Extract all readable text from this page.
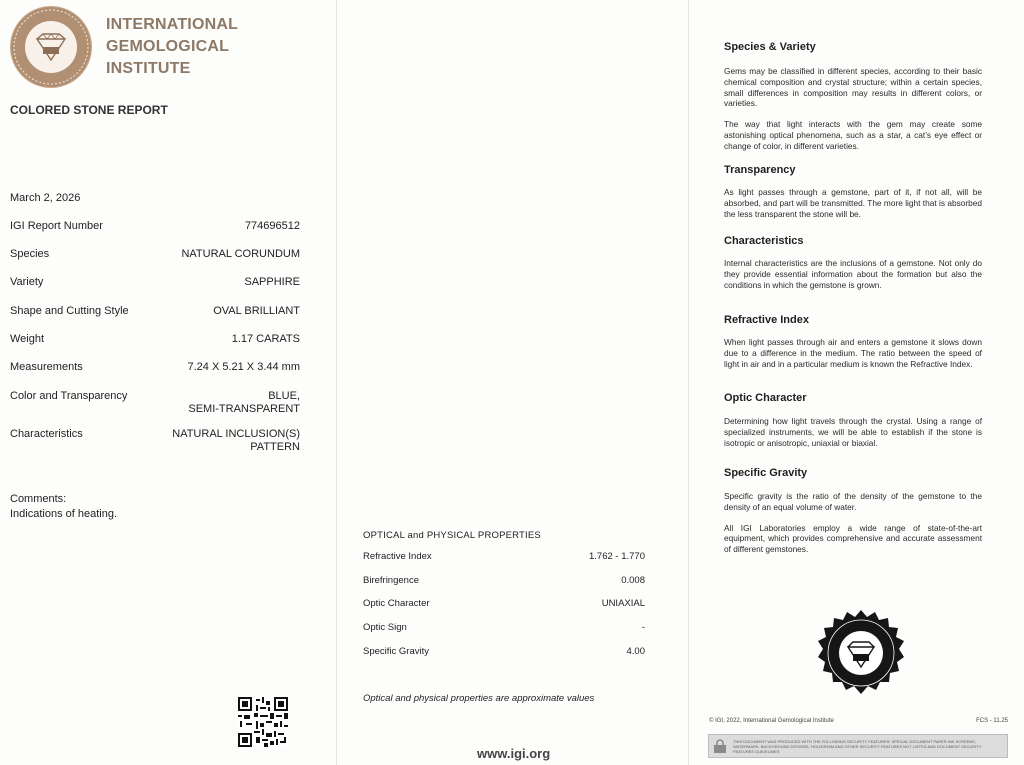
INTERNATIONAL
GEMOLOGICAL
INSTITUTE
COLORED STONE REPORT
March 2, 2026
IGI Report Number	774696512
Species	NATURAL CORUNDUM
Variety	SAPPHIRE
Shape and Cutting Style	OVAL BRILLIANT
Weight	1.17 CARATS
Measurements	7.24 X 5.21 X 3.44 mm
Color and Transparency	BLUE,
SEMI-TRANSPARENT
Characteristics	NATURAL INCLUSION(S)
PATTERN
Comments:
Indications of heating.
OPTICAL and PHYSICAL PROPERTIES
Refractive Index	1.762 - 1.770
Birefringence	0.008
Optic Character	UNIAXIAL
Optic Sign	-
Specific Gravity	4.00
Optical and physical properties are approximate values
www.igi.org
Species & Variety

Gems may be classified in different species, according to their basic chemical composition and crystal structure; within a certain species, small differences in composition may results in different colors, or varieties.

The way that light interacts with the gem may create some astonishing optical phenomena, such as a star, a cat’s eye effect or change of color, in different varieties.

Transparency

As light passes through a gemstone, part of it, if not all, will be absorbed, and part will be transmitted. The more light that is absorbed the less transparent the stone will be.

Characteristics

Internal characteristics are the inclusions of a gemstone. Not only do they provide essential information about the formation but also the conditions in which the gemstone is grown.

Refractive Index

When light passes through air and enters a gemstone it slows down due to a difference in the medium. The ratio between the speed of light in air and in a particular medium is known the Refractive Index.

Optic Character

Determining how light travels through the crystal. Using a range of specialized instruments, we will be able to establish if the stone is isotropic or anisotropic, uniaxial or biaxial.

Specific Gravity

Specific gravity is the ratio of the density of the gemstone to the density of an equal volume of water.

All IGI Laboratories employ a wide range of state-of-the-art equipment, which provides comprehensive and accurate assessment of different gemstones.

© IGI, 2022, International Gemological Institute	FCS - 11.25
THIS DOCUMENT WAS PRODUCED WITH THE FOLLOWING SECURITY FEATURES: SPECIAL DOCUMENT PAPER INK SCREENS, WATERMARK, BACKGROUND DESIGNS, HOLOGRAM AND OTHER SECURITY FEATURES NOT LISTED AND DOCUMENT SECURITY FEATURES GUIDELINES
